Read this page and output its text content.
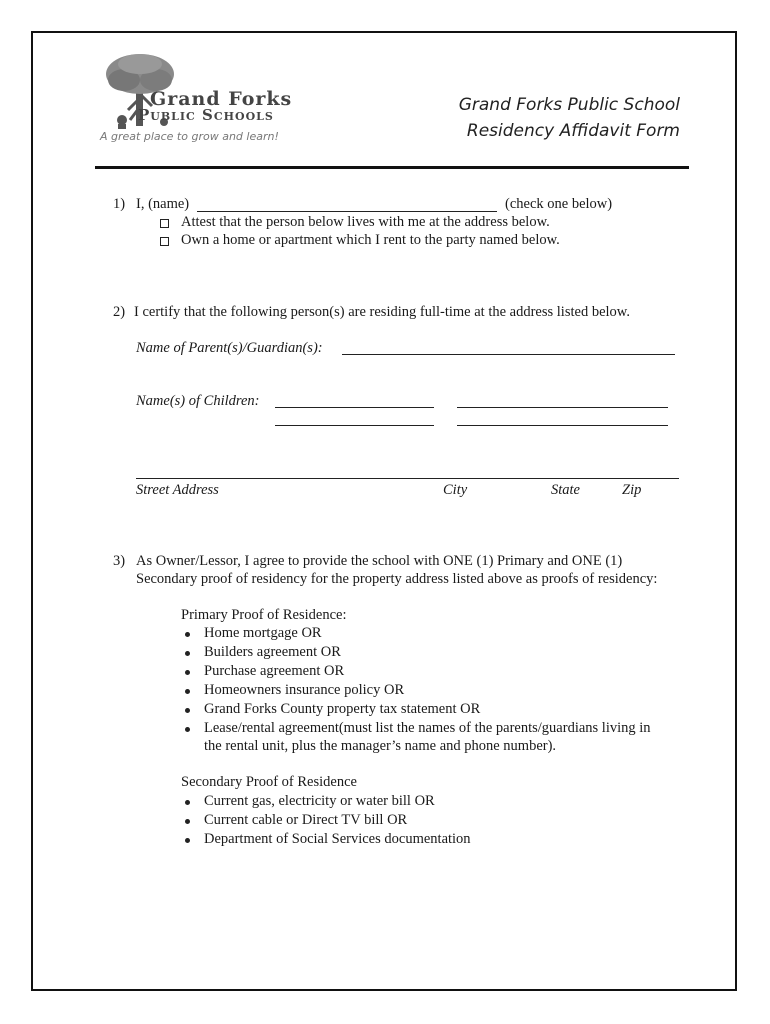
Grand Forks
Public Schools
A great place to grow and learn!
Grand Forks Public School
Residency Affidavit Form
1) I, (name)	(check one below)
Attest that the person below lives with me at the address below.
Own a home or apartment which I rent to the party named below.
2) I certify that the following person(s) are residing full-time at the address listed below.
Name of Parent(s)/Guardian(s):
Name(s) of Children:
Street Address	City	State	Zip
3) As Owner/Lessor, I agree to provide the school with ONE (1) Primary and ONE (1)
Secondary proof of residency for the property address listed above as proofs of residency:
Primary Proof of Residence:
Home mortgage OR
Builders agreement OR
Purchase agreement OR
Homeowners insurance policy OR
Grand Forks County property tax statement OR
Lease/rental agreement(must list the names of the parents/guardians living in
the rental unit, plus the manager’s name and phone number).
Secondary Proof of Residence
Current gas, electricity or water bill OR
Current cable or Direct TV bill OR
Department of Social Services documentation
